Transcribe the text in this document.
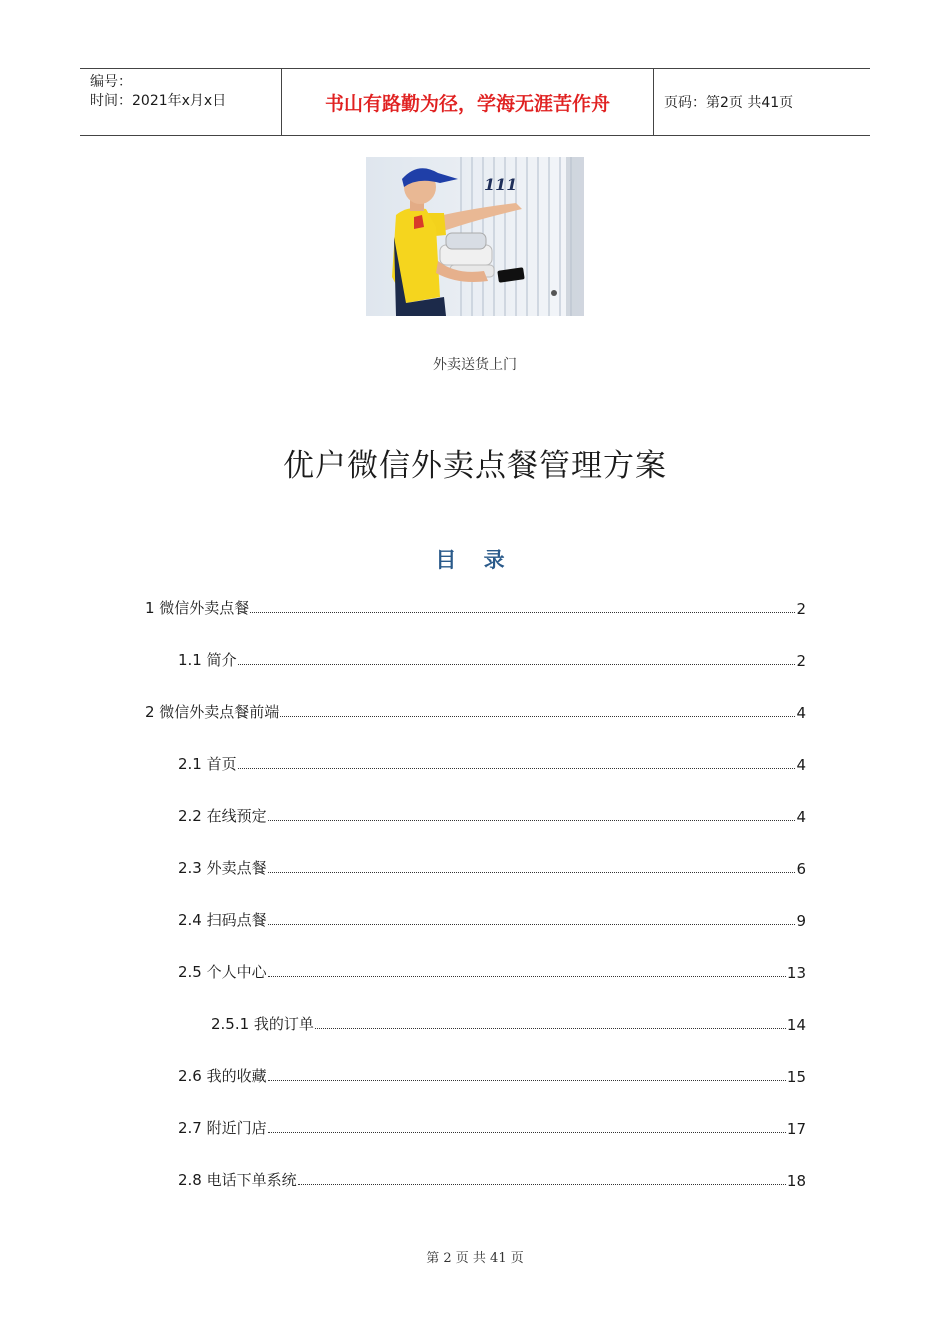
编号：
时间：2021年x月x日	书山有路勤为径，学海无涯苦作舟	页码：第2页 共41页
111
外卖送货上门
优户微信外卖点餐管理方案
目 录
1 微信外卖点餐	2
1.1 简介	2
2 微信外卖点餐前端	4
2.1 首页	4
2.2 在线预定	4
2.3 外卖点餐	6
2.4 扫码点餐	9
2.5 个人中心	13
2.5.1 我的订单	14
2.6 我的收藏	15
2.7 附近门店	17
2.8 电话下单系统	18
第 2 页 共 41 页
